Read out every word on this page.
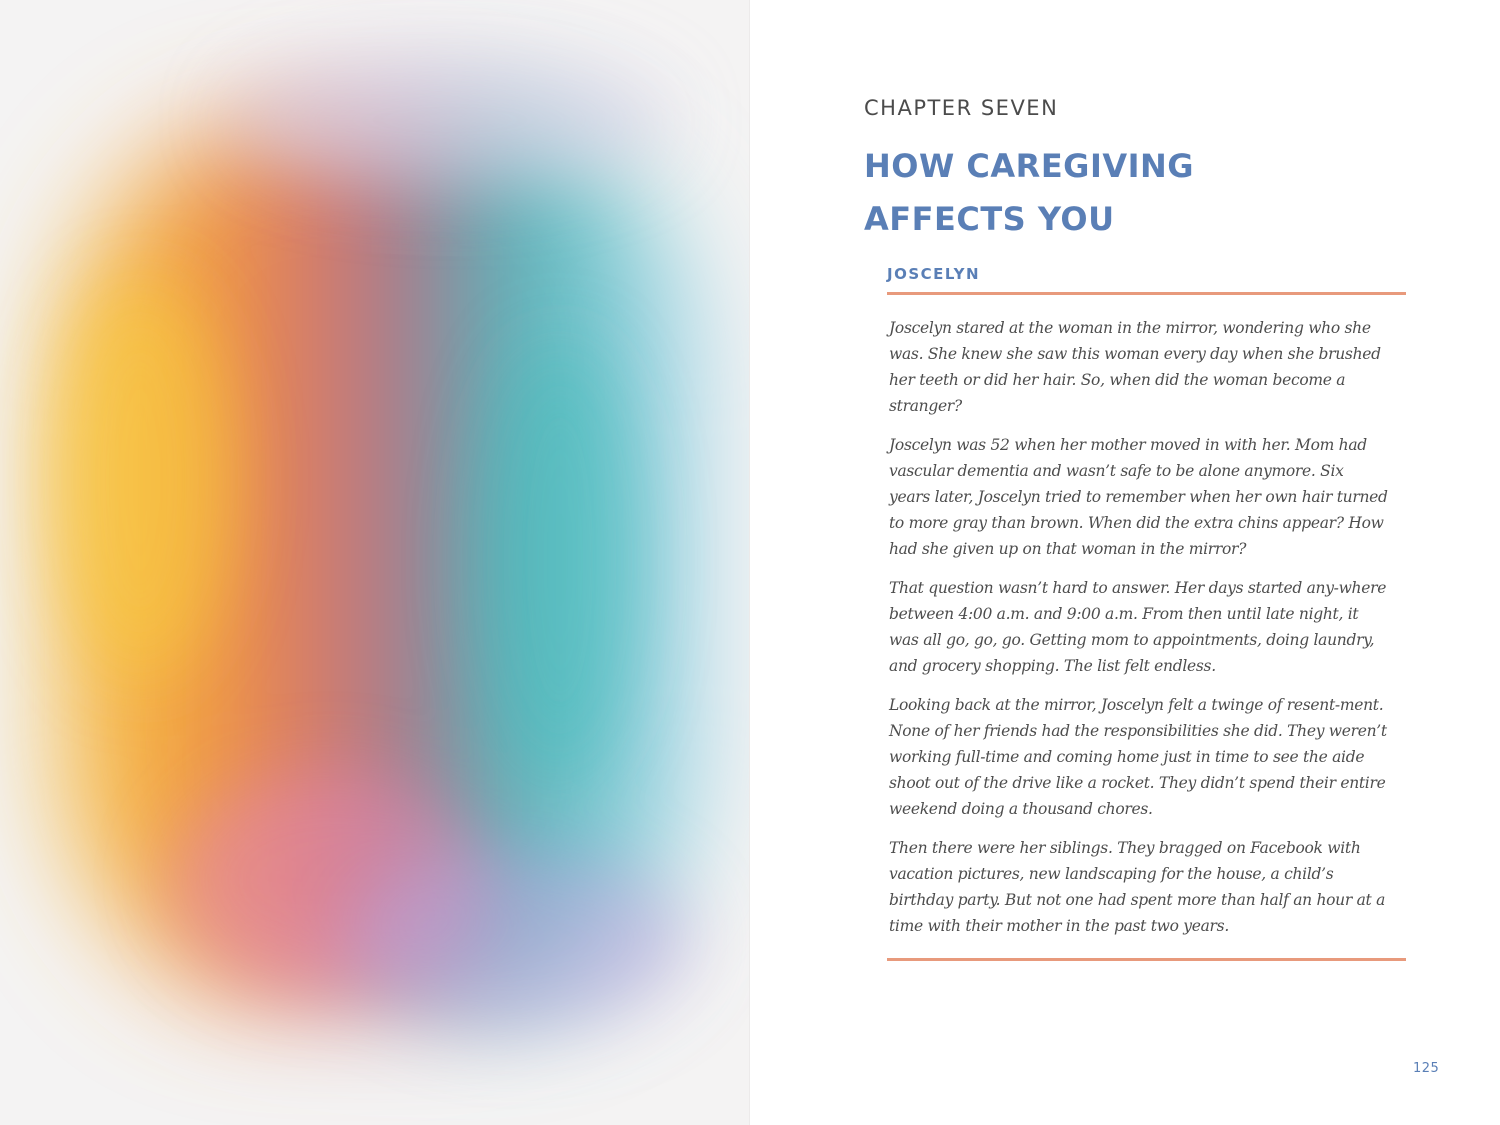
CHAPTER SEVEN
HOW CAREGIVING
AFFECTS YOU
JOSCELYN

Joscelyn stared at the woman in the mirror, wondering who she was. She knew she saw this woman every day when she brushed her teeth or did her hair. So, when did the woman become a stranger?

Joscelyn was 52 when her mother moved in with her. Mom had vascular dementia and wasn’t safe to be alone anymore. Six years later, Joscelyn tried to remember when her own hair turned to more gray than brown. When did the extra chins appear? How had she given up on that woman in the mirror?

That question wasn’t hard to answer. Her days started any-where between 4:00 a.m. and 9:00 a.m. From then until late night, it was all go, go, go. Getting mom to appointments, doing laundry, and grocery shopping. The list felt endless.

Looking back at the mirror, Joscelyn felt a twinge of resent-ment. None of her friends had the responsibilities she did. They weren’t working full-time and coming home just in time to see the aide shoot out of the drive like a rocket. They didn’t spend their entire weekend doing a thousand chores.

Then there were her siblings. They bragged on Facebook with vacation pictures, new landscaping for the house, a child’s birthday party. But not one had spent more than half an hour at a time with their mother in the past two years.

125
